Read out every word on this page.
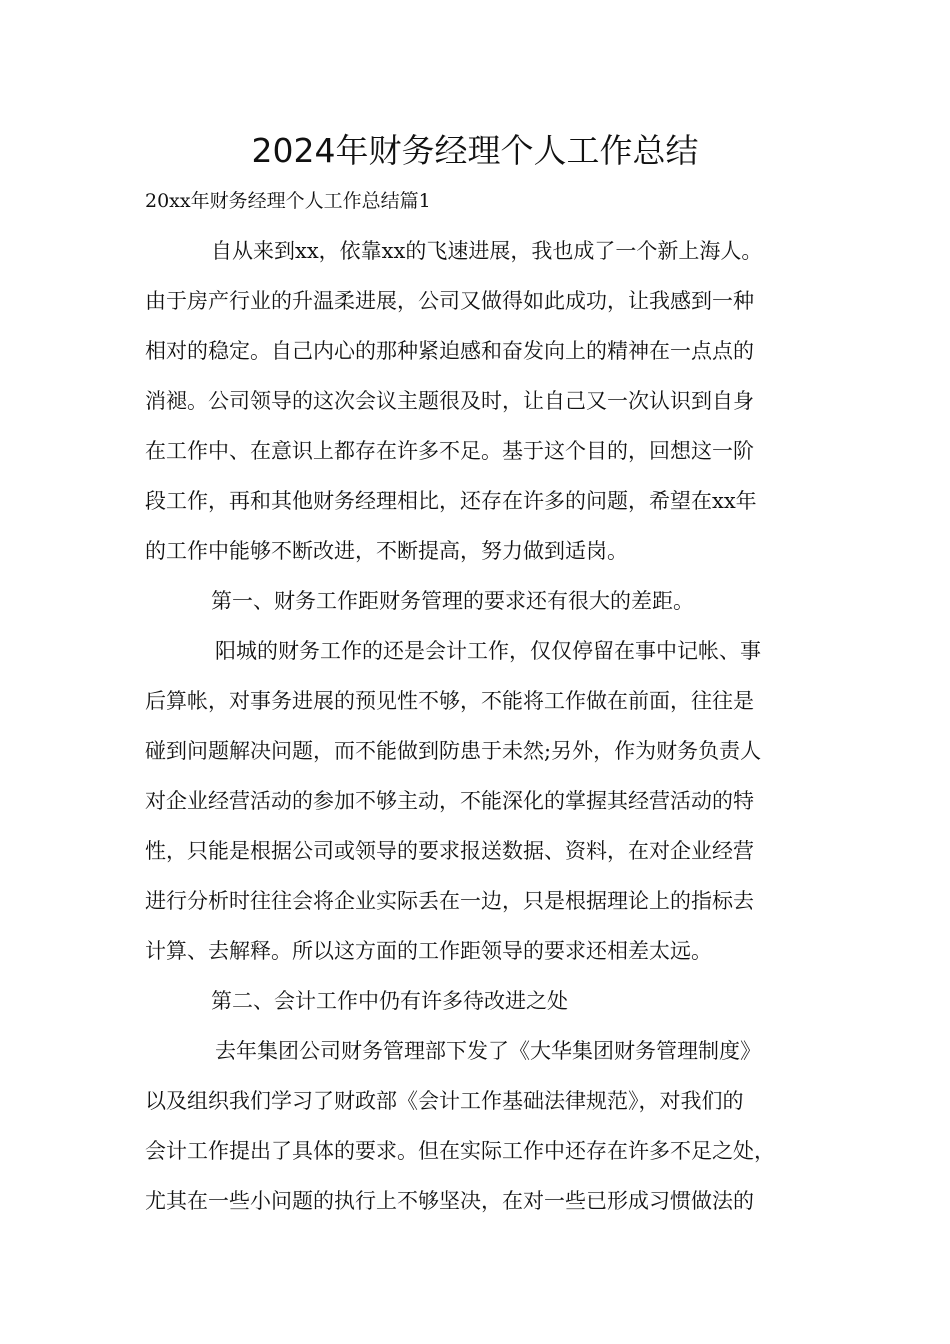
2024年财务经理个人工作总结
20xx年财务经理个人工作总结篇1
自从来到xx，依靠xx的飞速进展，我也成了一个新上海人。
由于房产行业的升温柔进展，公司又做得如此成功，让我感到一种
相对的稳定。自己内心的那种紧迫感和奋发向上的精神在一点点的
消褪。公司领导的这次会议主题很及时，让自己又一次认识到自身
在工作中、在意识上都存在许多不足。基于这个目的，回想这一阶
段工作，再和其他财务经理相比，还存在许多的问题，希望在xx年
的工作中能够不断改进，不断提高，努力做到适岗。
第一、财务工作距财务管理的要求还有很大的差距。
阳城的财务工作的还是会计工作，仅仅停留在事中记帐、事
后算帐，对事务进展的预见性不够，不能将工作做在前面，往往是
碰到问题解决问题，而不能做到防患于未然;另外，作为财务负责人
对企业经营活动的参加不够主动，不能深化的掌握其经营活动的特
性，只能是根据公司或领导的要求报送数据、资料，在对企业经营
进行分析时往往会将企业实际丢在一边，只是根据理论上的指标去
计算、去解释。所以这方面的工作距领导的要求还相差太远。
第二、会计工作中仍有许多待改进之处
去年集团公司财务管理部下发了《大华集团财务管理制度》
以及组织我们学习了财政部《会计工作基础法律规范》，对我们的
会计工作提出了具体的要求。但在实际工作中还存在许多不足之处，
尤其在一些小问题的执行上不够坚决，在对一些已形成习惯做法的
